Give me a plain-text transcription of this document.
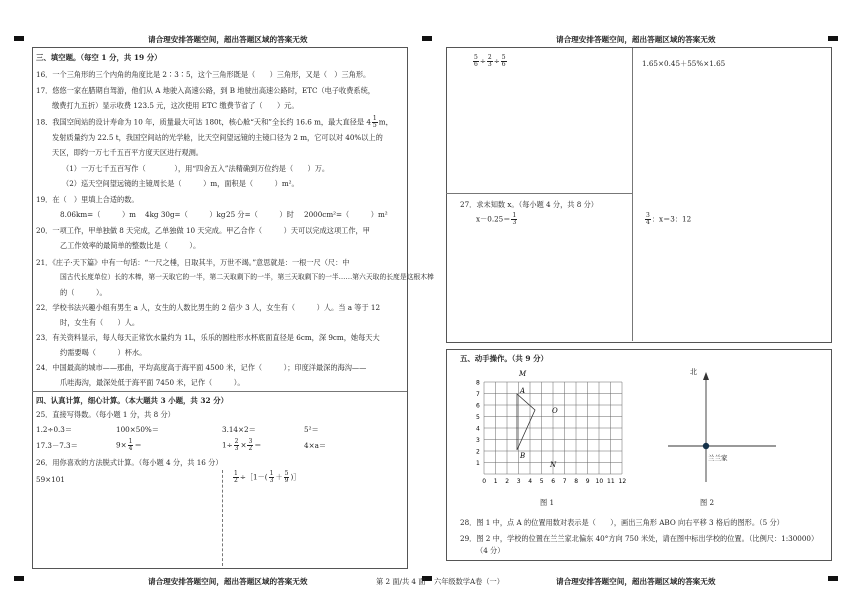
请合理安排答题空间，超出答题区域的答案无效	请合理安排答题空间，超出答题区域的答案无效
请合理安排答题空间，超出答题区域的答案无效	第 2 面/共 4 面 六年级数学A卷（一）	请合理安排答题空间，超出答题区域的答案无效
三、填空题。（每空 1 分，共 19 分）
16．一个三角形的三个内角的角度比是 2∶3∶5，这个三角形既是（　　）三角形，又是（　）三角形。
17．悠悠一家在腊期自驾游，他们从 A 地驶入高速公路，到 B 地驶出高速公路时，ETC（电子收费系统，
缴费打九五折）显示收费 123.5 元，这次使用 ETC 缴费节省了（　　）元。
18．我国空间站的设计寿命为 10 年，质量最大可达 180t，核心舱“天和”全长约 16.6 m，最大直径是 $4 \frac{1}{5}$ m，
发射质量约为 22.5 t，我国空间站的光学舱，比天空间望远镜的主镜口径为 2 m，它可以对 40%以上的
天区，即约一万七千五百平方度天区进行观测。
（1）一万七千五百写作（　　　　），用“四舍五入”法精确到万位约是（　　）万。
（2）巡天空间望远镜的主镜周长是（　　　）m，面积是（　　　）m²。
19．在（　）里填上合适的数。
8.06km=（　　　）m 4kg 30g=（　　　）kg 25 分=（　　　）时 2000cm²=（　　　）m²
20．一项工作，甲单独做 8 天完成，乙单独做 10 天完成。甲乙合作（　　　）天可以完成这项工作，甲
乙工作效率的最简单的整数比是（　　　）。
21．《庄子·天下篇》中有一句话：“一尺之棰，日取其半，万世不竭。”意思就是：一根一尺（尺：中
国古代长度单位）长的木棒，第一天取它的一半，第二天取剩下的一半，第三天取剩下的一半……第六天取的长度是这根木棒
的（　　　）。
22．学校书法兴趣小组有男生 a 人，女生的人数比男生的 2 倍少 3 人，女生有（　　　）人。当 a 等于 12
时，女生有（　　）人。
23．有关资料显示，每人每天正常饮水量约为 1L，乐乐的圆柱形水杯底面直径是 6cm，深 9cm，她每天大
约需要喝（　　　）杯水。
24．中国最高的城市——那曲，平均高度高于海平面 4500 米，记作（　　　）；印度洋最深的海沟——
爪哇海沟，最深处低于海平面 7450 米，记作（　　　）。
四、认真计算，细心计算。（本大题共 3 小题，共 32 分）
25．直接写得数。（每小题 1 分，共 8 分）
1.2÷0.3＝	100×50%＝	3.14×2＝	5²＝
17.3－7.3＝	$9\times \frac{1}{4}$ ＝	$1\div \frac{2}{3} \times \frac{3}{2}$ ＝	4×a＝
26．用你喜欢的方法脱式计算。（每小题 4 分，共 16 分）
59×101	$\frac{1}{2}$ ÷［1－( $\frac{1}{3} + \frac{5}{9}$ )］
$\frac{5}{6} \div \frac{2}{3} \div \frac{5}{6}$	1.65×0.45＋55%×1.65
27．求未知数 x。（每小题 4 分，共 8 分）
$x-0.25= \frac{1}{3}$	$\frac{3}{4}$ ：x＝3：12
五、动手操作。（共 9 分）
M
A
O
B
N
8
7
6
5
4
3
2
1
0 1 2 3 4 5 6 7 8 9 10 11 12
图 1
北
兰兰家
图 2
28．图 1 中，点 A 的位置用数对表示是（　　），画出三角形 ABO 向右平移 3 格后的图形。（5 分）
29．图 2 中，学校的位置在兰兰家北偏东 40°方向 750 米处，请在图中标出学校的位置。（比例尺：1:30000）
（4 分）
